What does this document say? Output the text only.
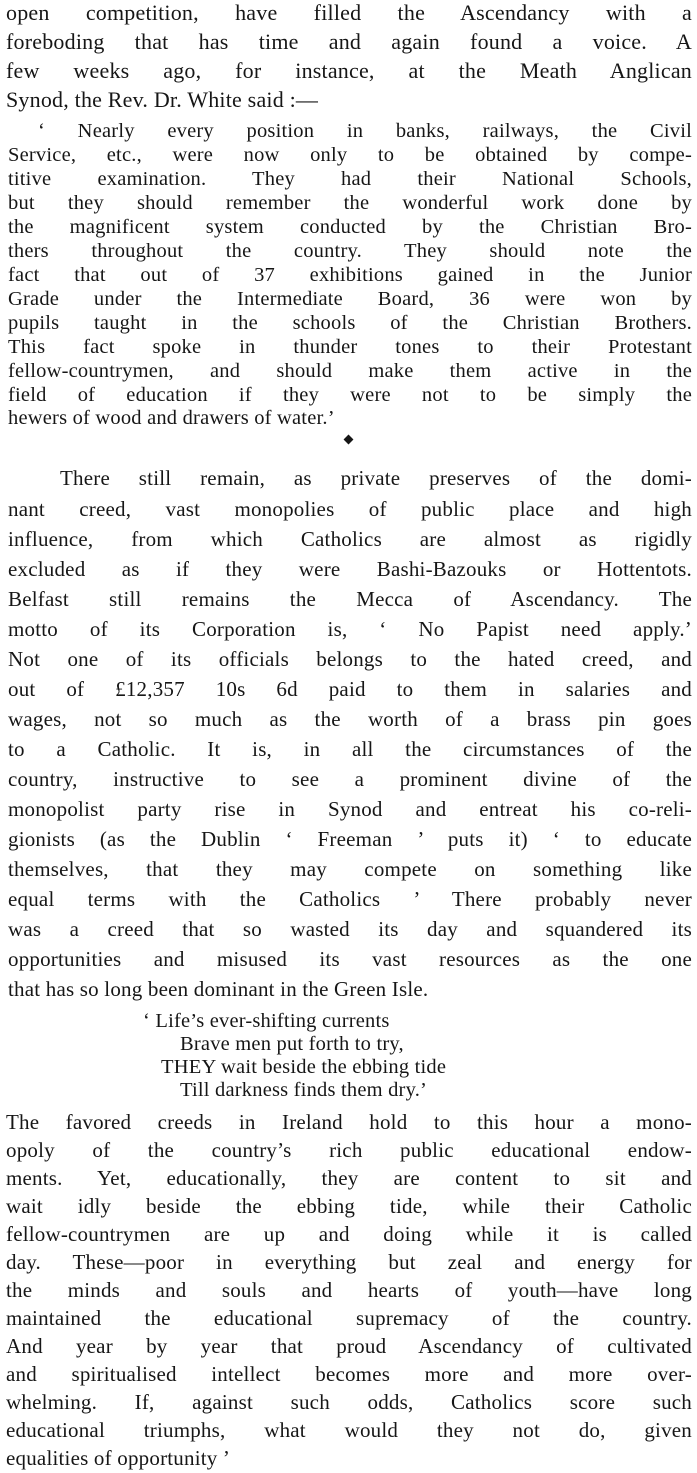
open competition, have filled the Ascendancy with a
foreboding that has time and again found a voice. A
few weeks ago, for instance, at the Meath Anglican
Synod, the Rev. Dr. White said :—
‘ Nearly every position in banks, railways, the Civil
Service, etc., were now only to be obtained by compe-
titive examination. They had their National Schools,
but they should remember the wonderful work done by
the magnificent system conducted by the Christian Bro-
thers throughout the country. They should note the
fact that out of 37 exhibitions gained in the Junior
Grade under the Intermediate Board, 36 were won by
pupils taught in the schools of the Christian Brothers.
This fact spoke in thunder tones to their Protestant
fellow-countrymen, and should make them active in the
field of education if they were not to be simply the
hewers of wood and drawers of water.’
There still remain, as private preserves of the domi-
nant creed, vast monopolies of public place and high
influence, from which Catholics are almost as rigidly
excluded as if they were Bashi-Bazouks or Hottentots.
Belfast still remains the Mecca of Ascendancy. The
motto of its Corporation is, ‘ No Papist need apply.’
Not one of its officials belongs to the hated creed, and
out of £12,357 10s 6d paid to them in salaries and
wages, not so much as the worth of a brass pin goes
to a Catholic. It is, in all the circumstances of the
country, instructive to see a prominent divine of the
monopolist party rise in Synod and entreat his co-reli-
gionists (as the Dublin ‘ Freeman ’ puts it) ‘ to educate
themselves, that they may compete on something like
equal terms with the Catholics ’ There probably never
was a creed that so wasted its day and squandered its
opportunities and misused its vast resources as the one
that has so long been dominant in the Green Isle.
‘ Life’s ever-shifting currents
Brave men put forth to try,
THEY wait beside the ebbing tide
Till darkness finds them dry.’
The favored creeds in Ireland hold to this hour a mono-
opoly of the country’s rich public educational endow-
ments. Yet, educationally, they are content to sit and
wait idly beside the ebbing tide, while their Catholic
fellow-countrymen are up and doing while it is called
day. These—poor in everything but zeal and energy for
the minds and souls and hearts of youth—have long
maintained the educational supremacy of the country.
And year by year that proud Ascendancy of cultivated
and spiritualised intellect becomes more and more over-
whelming. If, against such odds, Catholics score such
educational triumphs, what would they not do, given
equalities of opportunity ’
